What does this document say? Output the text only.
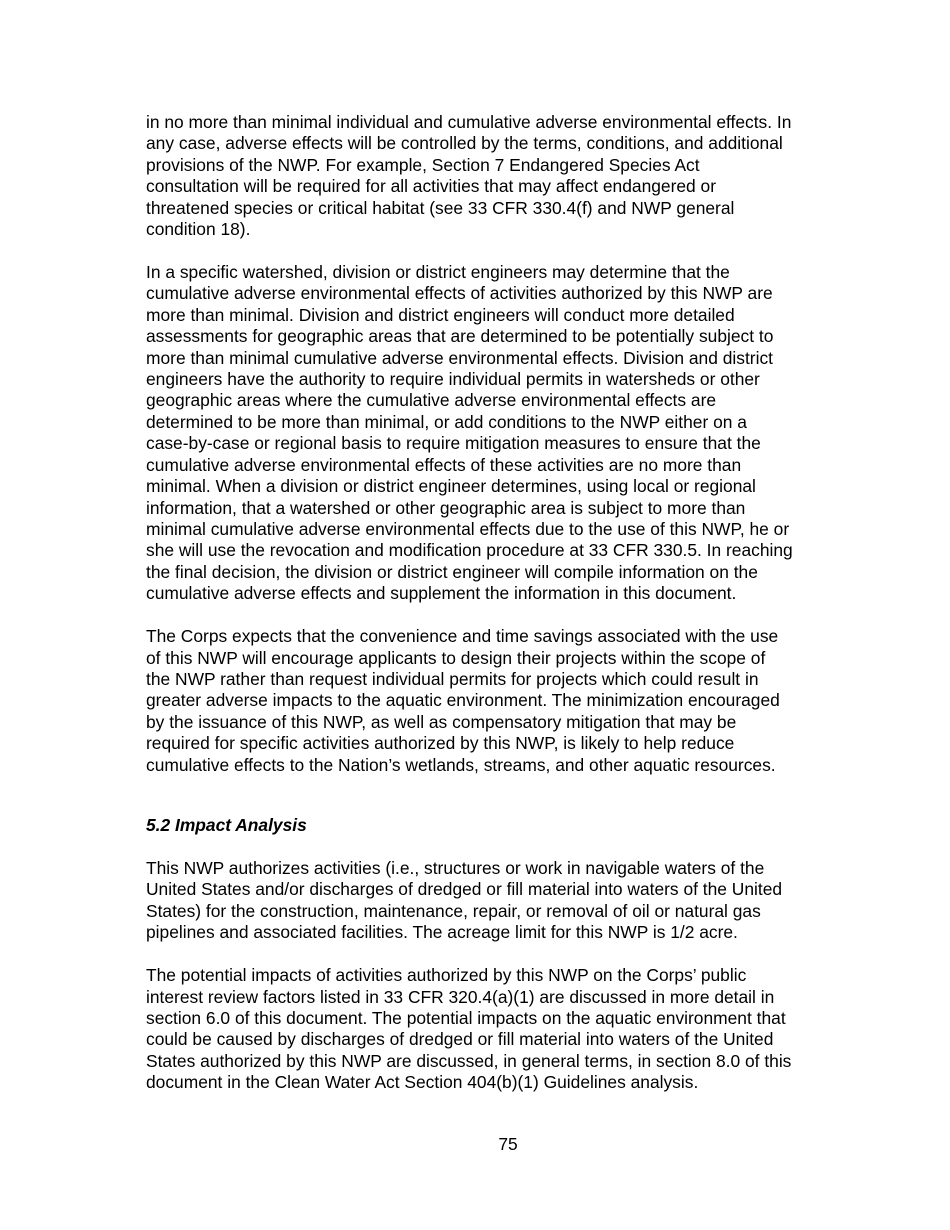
in no more than minimal individual and cumulative adverse environmental effects. In
any case, adverse effects will be controlled by the terms, conditions, and additional
provisions of the NWP. For example, Section 7 Endangered Species Act
consultation will be required for all activities that may affect endangered or
threatened species or critical habitat (see 33 CFR 330.4(f) and NWP general
condition 18).

In a specific watershed, division or district engineers may determine that the
cumulative adverse environmental effects of activities authorized by this NWP are
more than minimal. Division and district engineers will conduct more detailed
assessments for geographic areas that are determined to be potentially subject to
more than minimal cumulative adverse environmental effects. Division and district
engineers have the authority to require individual permits in watersheds or other
geographic areas where the cumulative adverse environmental effects are
determined to be more than minimal, or add conditions to the NWP either on a
case-by-case or regional basis to require mitigation measures to ensure that the
cumulative adverse environmental effects of these activities are no more than
minimal. When a division or district engineer determines, using local or regional
information, that a watershed or other geographic area is subject to more than
minimal cumulative adverse environmental effects due to the use of this NWP, he or
she will use the revocation and modification procedure at 33 CFR 330.5. In reaching
the final decision, the division or district engineer will compile information on the
cumulative adverse effects and supplement the information in this document.

The Corps expects that the convenience and time savings associated with the use
of this NWP will encourage applicants to design their projects within the scope of
the NWP rather than request individual permits for projects which could result in
greater adverse impacts to the aquatic environment. The minimization encouraged
by the issuance of this NWP, as well as compensatory mitigation that may be
required for specific activities authorized by this NWP, is likely to help reduce
cumulative effects to the Nation’s wetlands, streams, and other aquatic resources.

5.2 Impact Analysis

This NWP authorizes activities (i.e., structures or work in navigable waters of the
United States and/or discharges of dredged or fill material into waters of the United
States) for the construction, maintenance, repair, or removal of oil or natural gas
pipelines and associated facilities. The acreage limit for this NWP is 1/2 acre.

The potential impacts of activities authorized by this NWP on the Corps’ public
interest review factors listed in 33 CFR 320.4(a)(1) are discussed in more detail in
section 6.0 of this document. The potential impacts on the aquatic environment that
could be caused by discharges of dredged or fill material into waters of the United
States authorized by this NWP are discussed, in general terms, in section 8.0 of this
document in the Clean Water Act Section 404(b)(1) Guidelines analysis.

75
